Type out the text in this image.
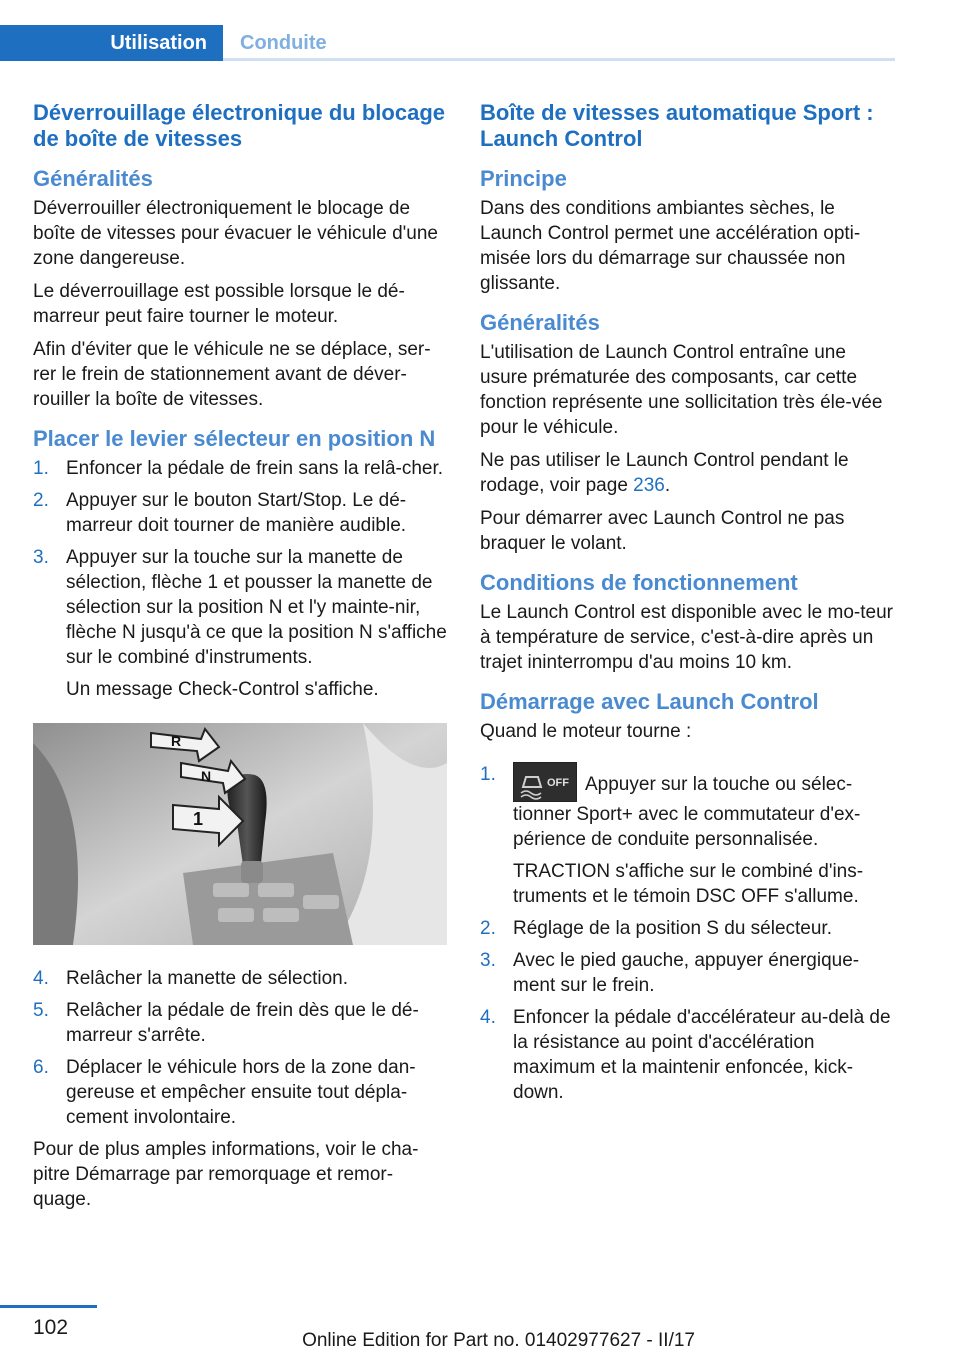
Utilisation	Conduite
Déverrouillage électronique du blocage de boîte de vitesses
Généralités

Déverrouiller électroniquement le blocage de boîte de vitesses pour évacuer le véhicule d'une zone dangereuse.

Le déverrouillage est possible lorsque le dé-marreur peut faire tourner le moteur.

Afin d'éviter que le véhicule ne se déplace, ser-rer le frein de stationnement avant de déver-rouiller la boîte de vitesses.

Placer le levier sélecteur en position N
1. Enfoncer la pédale de frein sans la relâ-cher.
2. Appuyer sur le bouton Start/Stop. Le dé-marreur doit tourner de manière audible.
3. Appuyer sur la touche sur la manette de sélection, flèche 1 et pousser la manette de sélection sur la position N et l'y mainte-nir, flèche N jusqu'à ce que la position N s'affiche sur le combiné d'instruments.
Un message Check-Control s'affiche.
R
N
1
4. Relâcher la manette de sélection.
5. Relâcher la pédale de frein dès que le dé-marreur s'arrête.
6. Déplacer le véhicule hors de la zone dan-gereuse et empêcher ensuite tout dépla-cement involontaire.

Pour de plus amples informations, voir le cha-pitre Démarrage par remorquage et remor-quage.

Boîte de vitesses automatique Sport : Launch Control
Principe

Dans des conditions ambiantes sèches, le Launch Control permet une accélération opti-misée lors du démarrage sur chaussée non glissante.

Généralités

L'utilisation de Launch Control entraîne une usure prématurée des composants, car cette fonction représente une sollicitation très éle-vée pour le véhicule.

Ne pas utiliser le Launch Control pendant le rodage, voir page 236.

Pour démarrer avec Launch Control ne pas braquer le volant.

Conditions de fonctionnement

Le Launch Control est disponible avec le mo-teur à température de service, c'est-à-dire après un trajet ininterrompu d'au moins 10 km.

Démarrage avec Launch Control

Quand le moteur tourne :

1.	OFF Appuyer sur la touche ou sélec-tionner Sport+ avec le commutateur d'ex-périence de conduite personnalisée.
TRACTION s'affiche sur le combiné d'ins-truments et le témoin DSC OFF s'allume.
2. Réglage de la position S du sélecteur.
3. Avec le pied gauche, appuyer énergique-ment sur le frein.
4. Enfoncer la pédale d'accélérateur au-delà de la résistance au point d'accélération maximum et la maintenir enfoncée, kick-down.
102
Online Edition for Part no. 01402977627 - II/17
